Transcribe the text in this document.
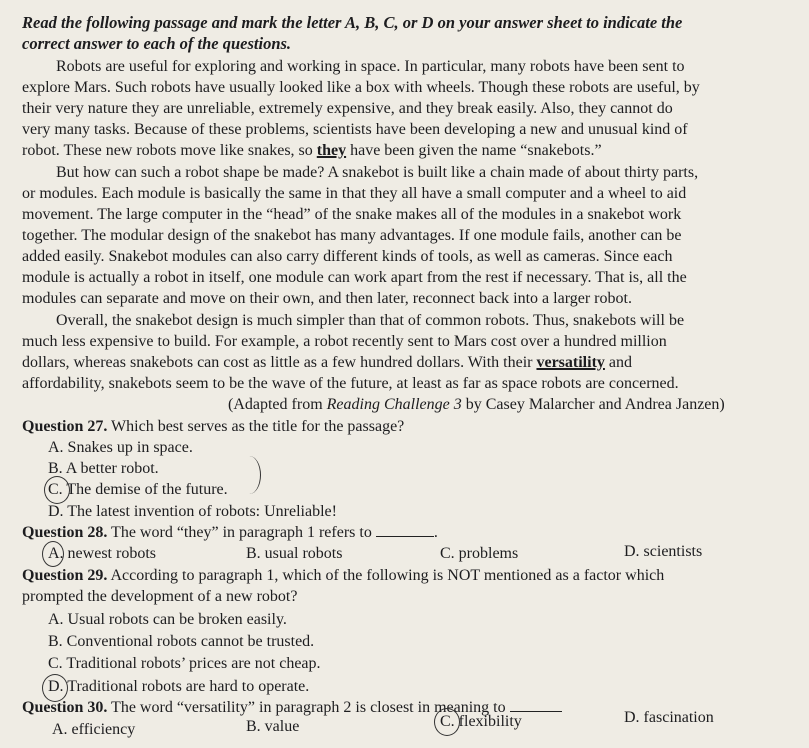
Read the following passage and mark the letter A, B, C, or D on your answer sheet to indicate the
correct answer to each of the questions.
Robots are useful for exploring and working in space. In particular, many robots have been sent to
explore Mars. Such robots have usually looked like a box with wheels. Though these robots are useful, by
their very nature they are unreliable, extremely expensive, and they break easily. Also, they cannot do
very many tasks. Because of these problems, scientists have been developing a new and unusual kind of
robot. These new robots move like snakes, so they have been given the name “snakebots.”
But how can such a robot shape be made? A snakebot is built like a chain made of about thirty parts,
or modules. Each module is basically the same in that they all have a small computer and a wheel to aid
movement. The large computer in the “head” of the snake makes all of the modules in a snakebot work
together. The modular design of the snakebot has many advantages. If one module fails, another can be
added easily. Snakebot modules can also carry different kinds of tools, as well as cameras. Since each
module is actually a robot in itself, one module can work apart from the rest if necessary. That is, all the
modules can separate and move on their own, and then later, reconnect back into a larger robot.
Overall, the snakebot design is much simpler than that of common robots. Thus, snakebots will be
much less expensive to build. For example, a robot recently sent to Mars cost over a hundred million
dollars, whereas snakebots can cost as little as a few hundred dollars. With their versatility and
affordability, snakebots seem to be the wave of the future, at least as far as space robots are concerned.
(Adapted from Reading Challenge 3 by Casey Malarcher and Andrea Janzen)
Question 27. Which best serves as the title for the passage?
A. Snakes up in space.
B. A better robot.
C. The demise of the future.
D. The latest invention of robots: Unreliable!
Question 28. The word “they” in paragraph 1 refers to	.
A. newest robots	B. usual robots	C. problems	D. scientists
Question 29. According to paragraph 1, which of the following is NOT mentioned as a factor which
prompted the development of a new robot?
A. Usual robots can be broken easily.
B. Conventional robots cannot be trusted.
C. Traditional robots’ prices are not cheap.
D. Traditional robots are hard to operate.
Question 30. The word “versatility” in paragraph 2 is closest in meaning to
A. efficiency	B. value	C. flexibility	D. fascination
